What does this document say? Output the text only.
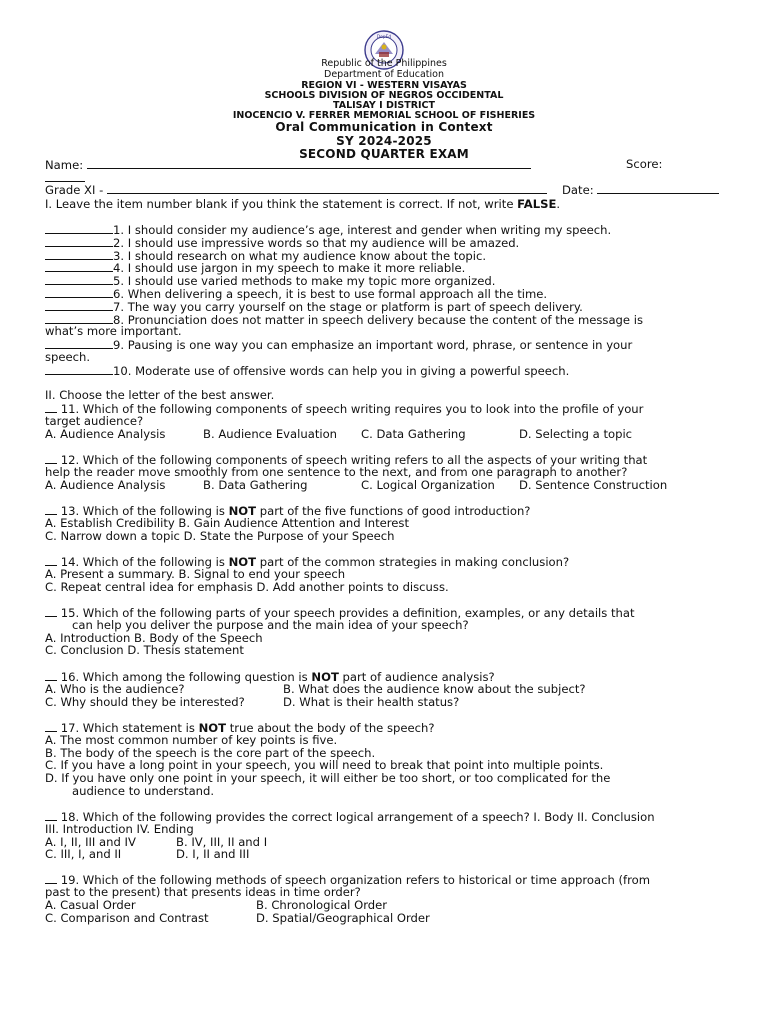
DepEd
Republic of the Philippines
Department of Education
REGION VI - WESTERN VISAYAS
SCHOOLS DIVISION OF NEGROS OCCIDENTAL
TALISAY I DISTRICT
INOCENCIO V. FERRER MEMORIAL SCHOOL OF FISHERIES
Oral Communication in Context
SY 2024-2025
SECOND QUARTER EXAM
Name:	Score:
Grade XI -	Date:
I. Leave the item number blank if you think the statement is correct. If not, write FALSE.
1. I should consider my audience’s age, interest and gender when writing my speech.
2. I should use impressive words so that my audience will be amazed.
3. I should research on what my audience know about the topic.
4. I should use jargon in my speech to make it more reliable.
5. I should use varied methods to make my topic more organized.
6. When delivering a speech, it is best to use formal approach all the time.
7. The way you carry yourself on the stage or platform is part of speech delivery.
8. Pronunciation does not matter in speech delivery because the content of the message is
what’s more important.
9. Pausing is one way you can emphasize an important word, phrase, or sentence in your
speech.
10. Moderate use of offensive words can help you in giving a powerful speech.
II. Choose the letter of the best answer.
11. Which of the following components of speech writing requires you to look into the profile of your
target audience?
A. Audience Analysis	B. Audience Evaluation C. Data Gathering	D. Selecting a topic
12. Which of the following components of speech writing refers to all the aspects of your writing that
help the reader move smoothly from one sentence to the next, and from one paragraph to another?
A. Audience Analysis	B. Data Gathering	C. Logical Organization D. Sentence Construction
13. Which of the following is NOT part of the five functions of good introduction?
A. Establish Credibility B. Gain Audience Attention and Interest
C. Narrow down a topic D. State the Purpose of your Speech
14. Which of the following is NOT part of the common strategies in making conclusion?
A. Present a summary. B. Signal to end your speech
C. Repeat central idea for emphasis D. Add another points to discuss.
15. Which of the following parts of your speech provides a definition, examples, or any details that
can help you deliver the purpose and the main idea of your speech?
A. Introduction B. Body of the Speech
C. Conclusion D. Thesis statement
16. Which among the following question is NOT part of audience analysis?
A. Who is the audience?	B. What does the audience know about the subject?
C. Why should they be interested?	D. What is their health status?
17. Which statement is NOT true about the body of the speech?
A. The most common number of key points is five.
B. The body of the speech is the core part of the speech.
C. If you have a long point in your speech, you will need to break that point into multiple points.
D. If you have only one point in your speech, it will either be too short, or too complicated for the
audience to understand.
18. Which of the following provides the correct logical arrangement of a speech? I. Body II. Conclusion
III. Introduction IV. Ending
A. I, II, III and IV	B. IV, III, II and I
C. III, I, and II	D. I, II and III
19. Which of the following methods of speech organization refers to historical or time approach (from
past to the present) that presents ideas in time order?
A. Casual Order	B. Chronological Order
C. Comparison and Contrast	D. Spatial/Geographical Order
